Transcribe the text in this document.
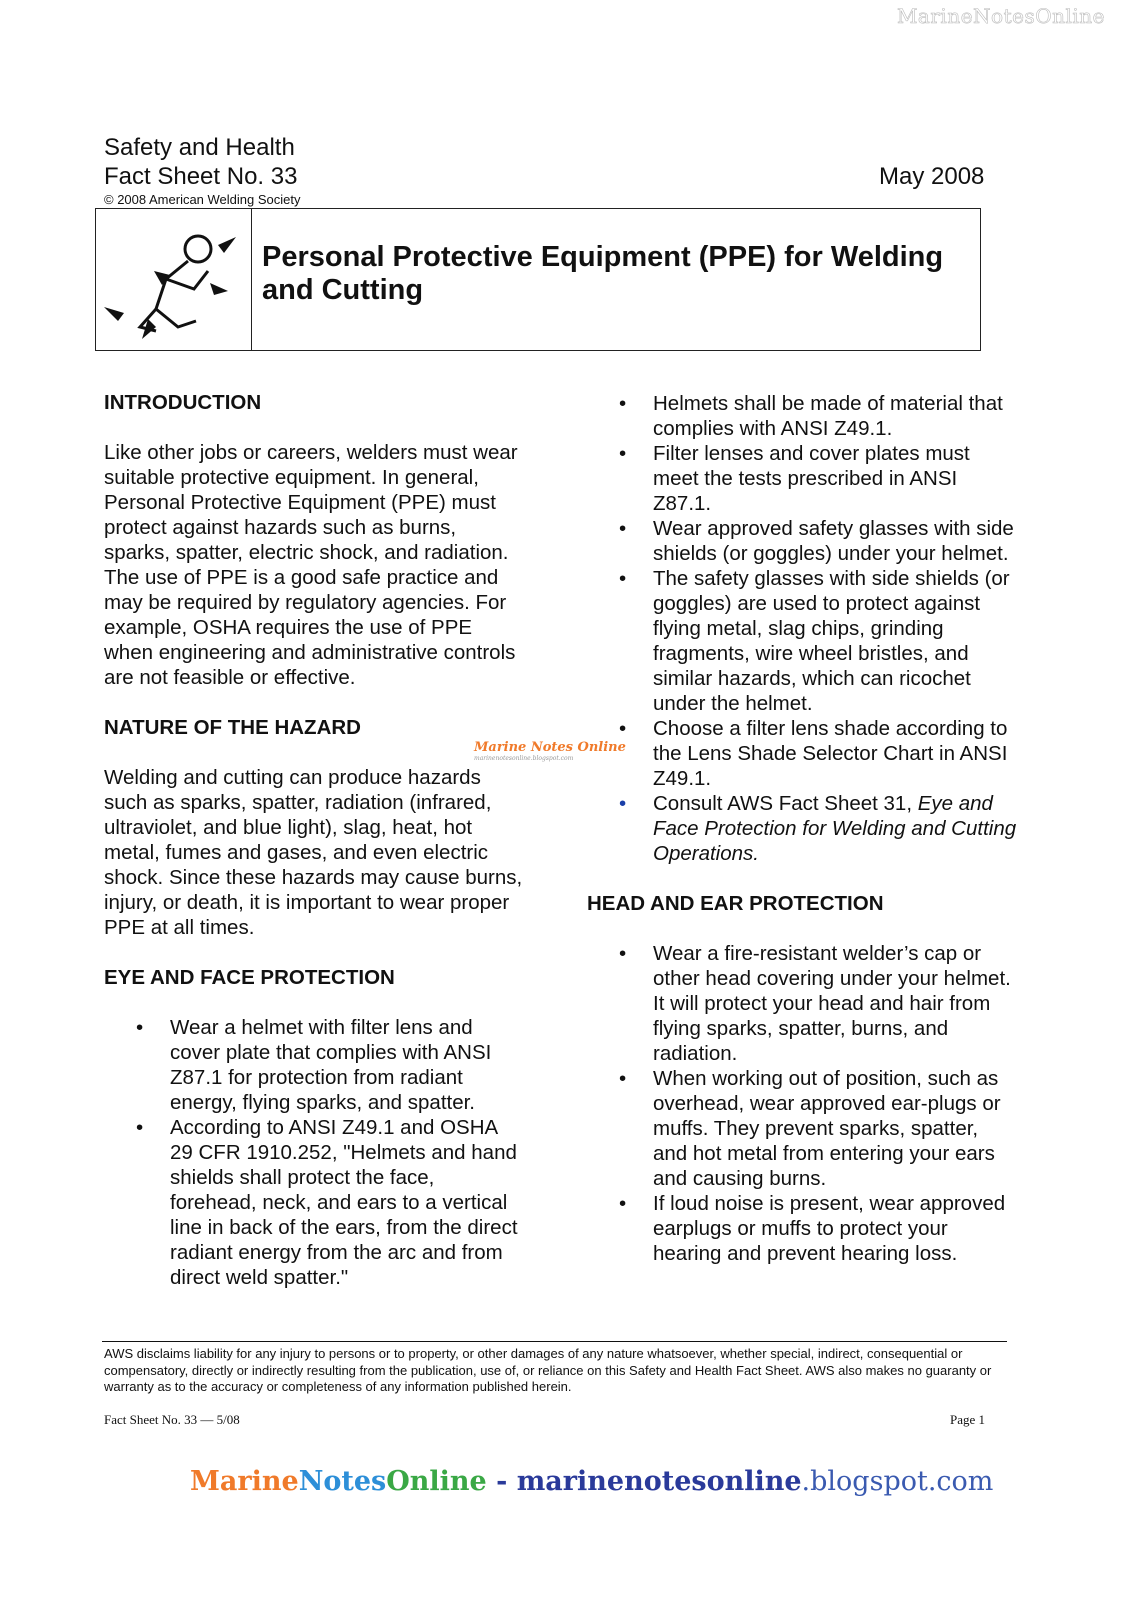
MarineNotesOnline
Safety and Health
Fact Sheet No. 33	May 2008
© 2008 American Welding Society
Personal Protective Equipment (PPE) for Welding and Cutting
INTRODUCTION

Like other jobs or careers, welders must wear suitable protective equipment. In general, Personal Protective Equipment (PPE) must protect against hazards such as burns, sparks, spatter, electric shock, and radiation. The use of PPE is a good safe practice and may be required by regulatory agencies. For example, OSHA requires the use of PPE when engineering and administrative controls are not feasible or effective.

NATURE OF THE HAZARD
Marine Notes Online
marinenotesonline.blogspot.com

Welding and cutting can produce hazards such as sparks, spatter, radiation (infrared, ultraviolet, and blue light), slag, heat, hot metal, fumes and gases, and even electric shock. Since these hazards may cause burns, injury, or death, it is important to wear proper PPE at all times.

EYE AND FACE PROTECTION
• Wear a helmet with filter lens and cover plate that complies with ANSI Z87.1 for protection from radiant energy, flying sparks, and spatter.
• According to ANSI Z49.1 and OSHA 29 CFR 1910.252, "Helmets and hand shields shall protect the face, forehead, neck, and ears to a vertical line in back of the ears, from the direct radiant energy from the arc and from direct weld spatter."
• Helmets shall be made of material that complies with ANSI Z49.1.
• Filter lenses and cover plates must meet the tests prescribed in ANSI Z87.1.
• Wear approved safety glasses with side shields (or goggles) under your helmet.
• The safety glasses with side shields (or goggles) are used to protect against flying metal, slag chips, grinding fragments, wire wheel bristles, and similar hazards, which can ricochet under the helmet.
• Choose a filter lens shade according to the Lens Shade Selector Chart in ANSI Z49.1.
• Consult AWS Fact Sheet 31, Eye and Face Protection for Welding and Cutting Operations.
HEAD AND EAR PROTECTION
• Wear a fire-resistant welder’s cap or other head covering under your helmet. It will protect your head and hair from flying sparks, spatter, burns, and radiation.
• When working out of position, such as overhead, wear approved ear-plugs or muffs. They prevent sparks, spatter, and hot metal from entering your ears and causing burns.
• If loud noise is present, wear approved earplugs or muffs to protect your hearing and prevent hearing loss.
AWS disclaims liability for any injury to persons or to property, or other damages of any nature whatsoever, whether special, indirect, consequential or compensatory, directly or indirectly resulting from the publication, use of, or reliance on this Safety and Health Fact Sheet. AWS also makes no guaranty or warranty as to the accuracy or completeness of any information published herein.
Fact Sheet No. 33 — 5/08	Page 1
MarineNotesOnline - marinenotesonline.blogspot.com
